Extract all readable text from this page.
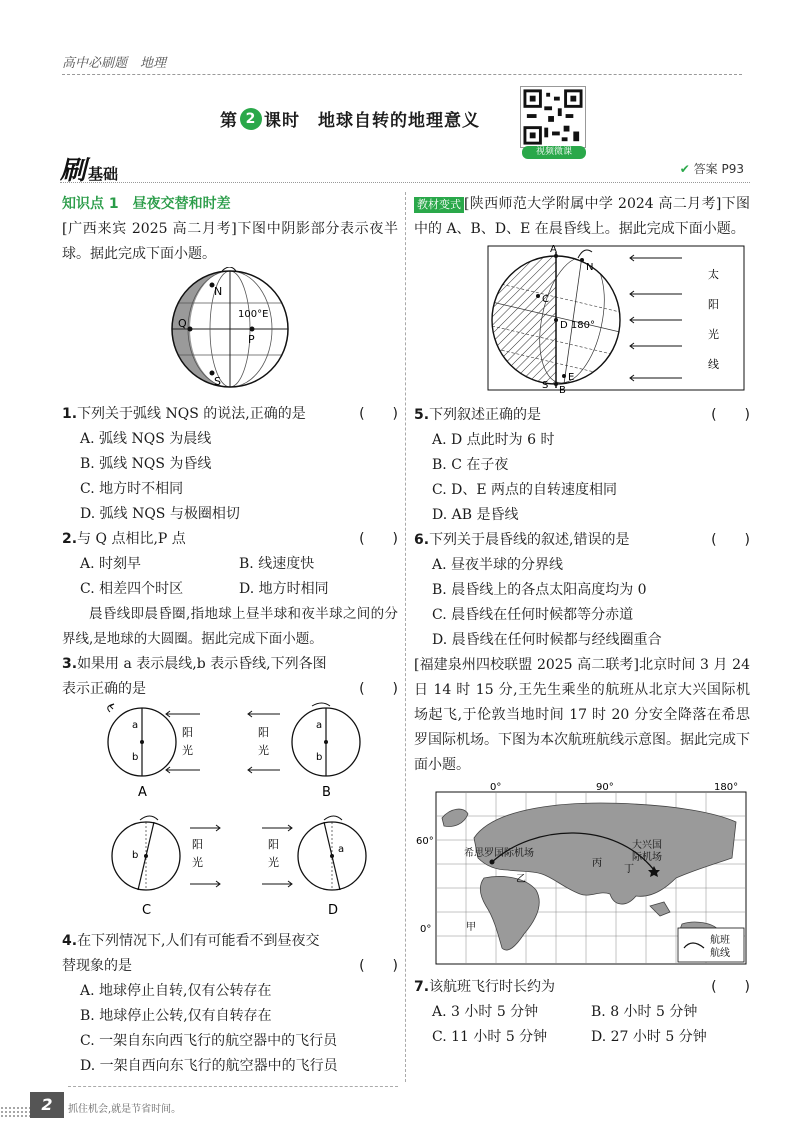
高中必刷题　地理
第 2 课时 地球自转的地理意义
视频微课
刷 基础	✔ 答案 P93
知识点 1　昼夜交替和时差

[广西来宾 2025 高二月考]下图中阴影部分表示夜半球。据此完成下面小题。

N
Q
P
S
100°E
1.下列关于弧线 NQS 的说法,正确的是	(　　)
A. 弧线 NQS 为晨线
B. 弧线 NQS 为昏线
C. 地方时不相同
D. 弧线 NQS 与极圈相切
2.与 Q 点相比,P 点	(　　)
A. 时刻早	B. 线速度快
C. 相差四个时区	D. 地方时相同

晨昏线即晨昏圈,指地球上昼半球和夜半球之间的分界线,是地球的大圆圈。据此完成下面小题。

3.如果用 a 表示晨线,b 表示昏线,下列各图表示正确的是	(　　)
a
b
阳
光
A
a
b
阳
光
B
b
阳
光
C
a
阳
光
D
4.在下列情况下,人们有可能看不到昼夜交替现象的是	(　　)
A. 地球停止自转,仅有公转存在
B. 地球停止公转,仅有自转存在
C. 一架自东向西飞行的航空器中的飞行员
D. 一架自西向东飞行的航空器中的飞行员

教材变式 [陕西师范大学附属中学 2024 高二月考]下图中的 A、B、D、E 在晨昏线上。据此完成下面小题。

A
N
C
D 180°
E
S B
太
阳
光
线
5.下列叙述正确的是	(　　)
A. D 点此时为 6 时
B. C 在子夜
C. D、E 两点的自转速度相同
D. AB 是昏线
6.下列关于晨昏线的叙述,错误的是	(　　)
A. 昼夜半球的分界线
B. 晨昏线上的各点太阳高度均为 0
C. 晨昏线在任何时候都等分赤道
D. 晨昏线在任何时候都与经线圈重合

[福建泉州四校联盟 2025 高二联考]北京时间 3 月 24 日 14 时 15 分,王先生乘坐的航班从北京大兴国际机场起飞,于伦敦当地时间 17 时 20 分安全降落在希思罗国际机场。下图为本次航班航线示意图。据此完成下面小题。

0°	90°	180°
60°
0°
希思罗国际机场
大兴国
际机场
乙
丙
丁
甲
航班
航线
7.该航班飞行时长约为	(　　)
A. 3 小时 5 分钟	B. 8 小时 5 分钟
C. 11 小时 5 分钟	D. 27 小时 5 分钟
2	抓住机会,就是节省时间。
